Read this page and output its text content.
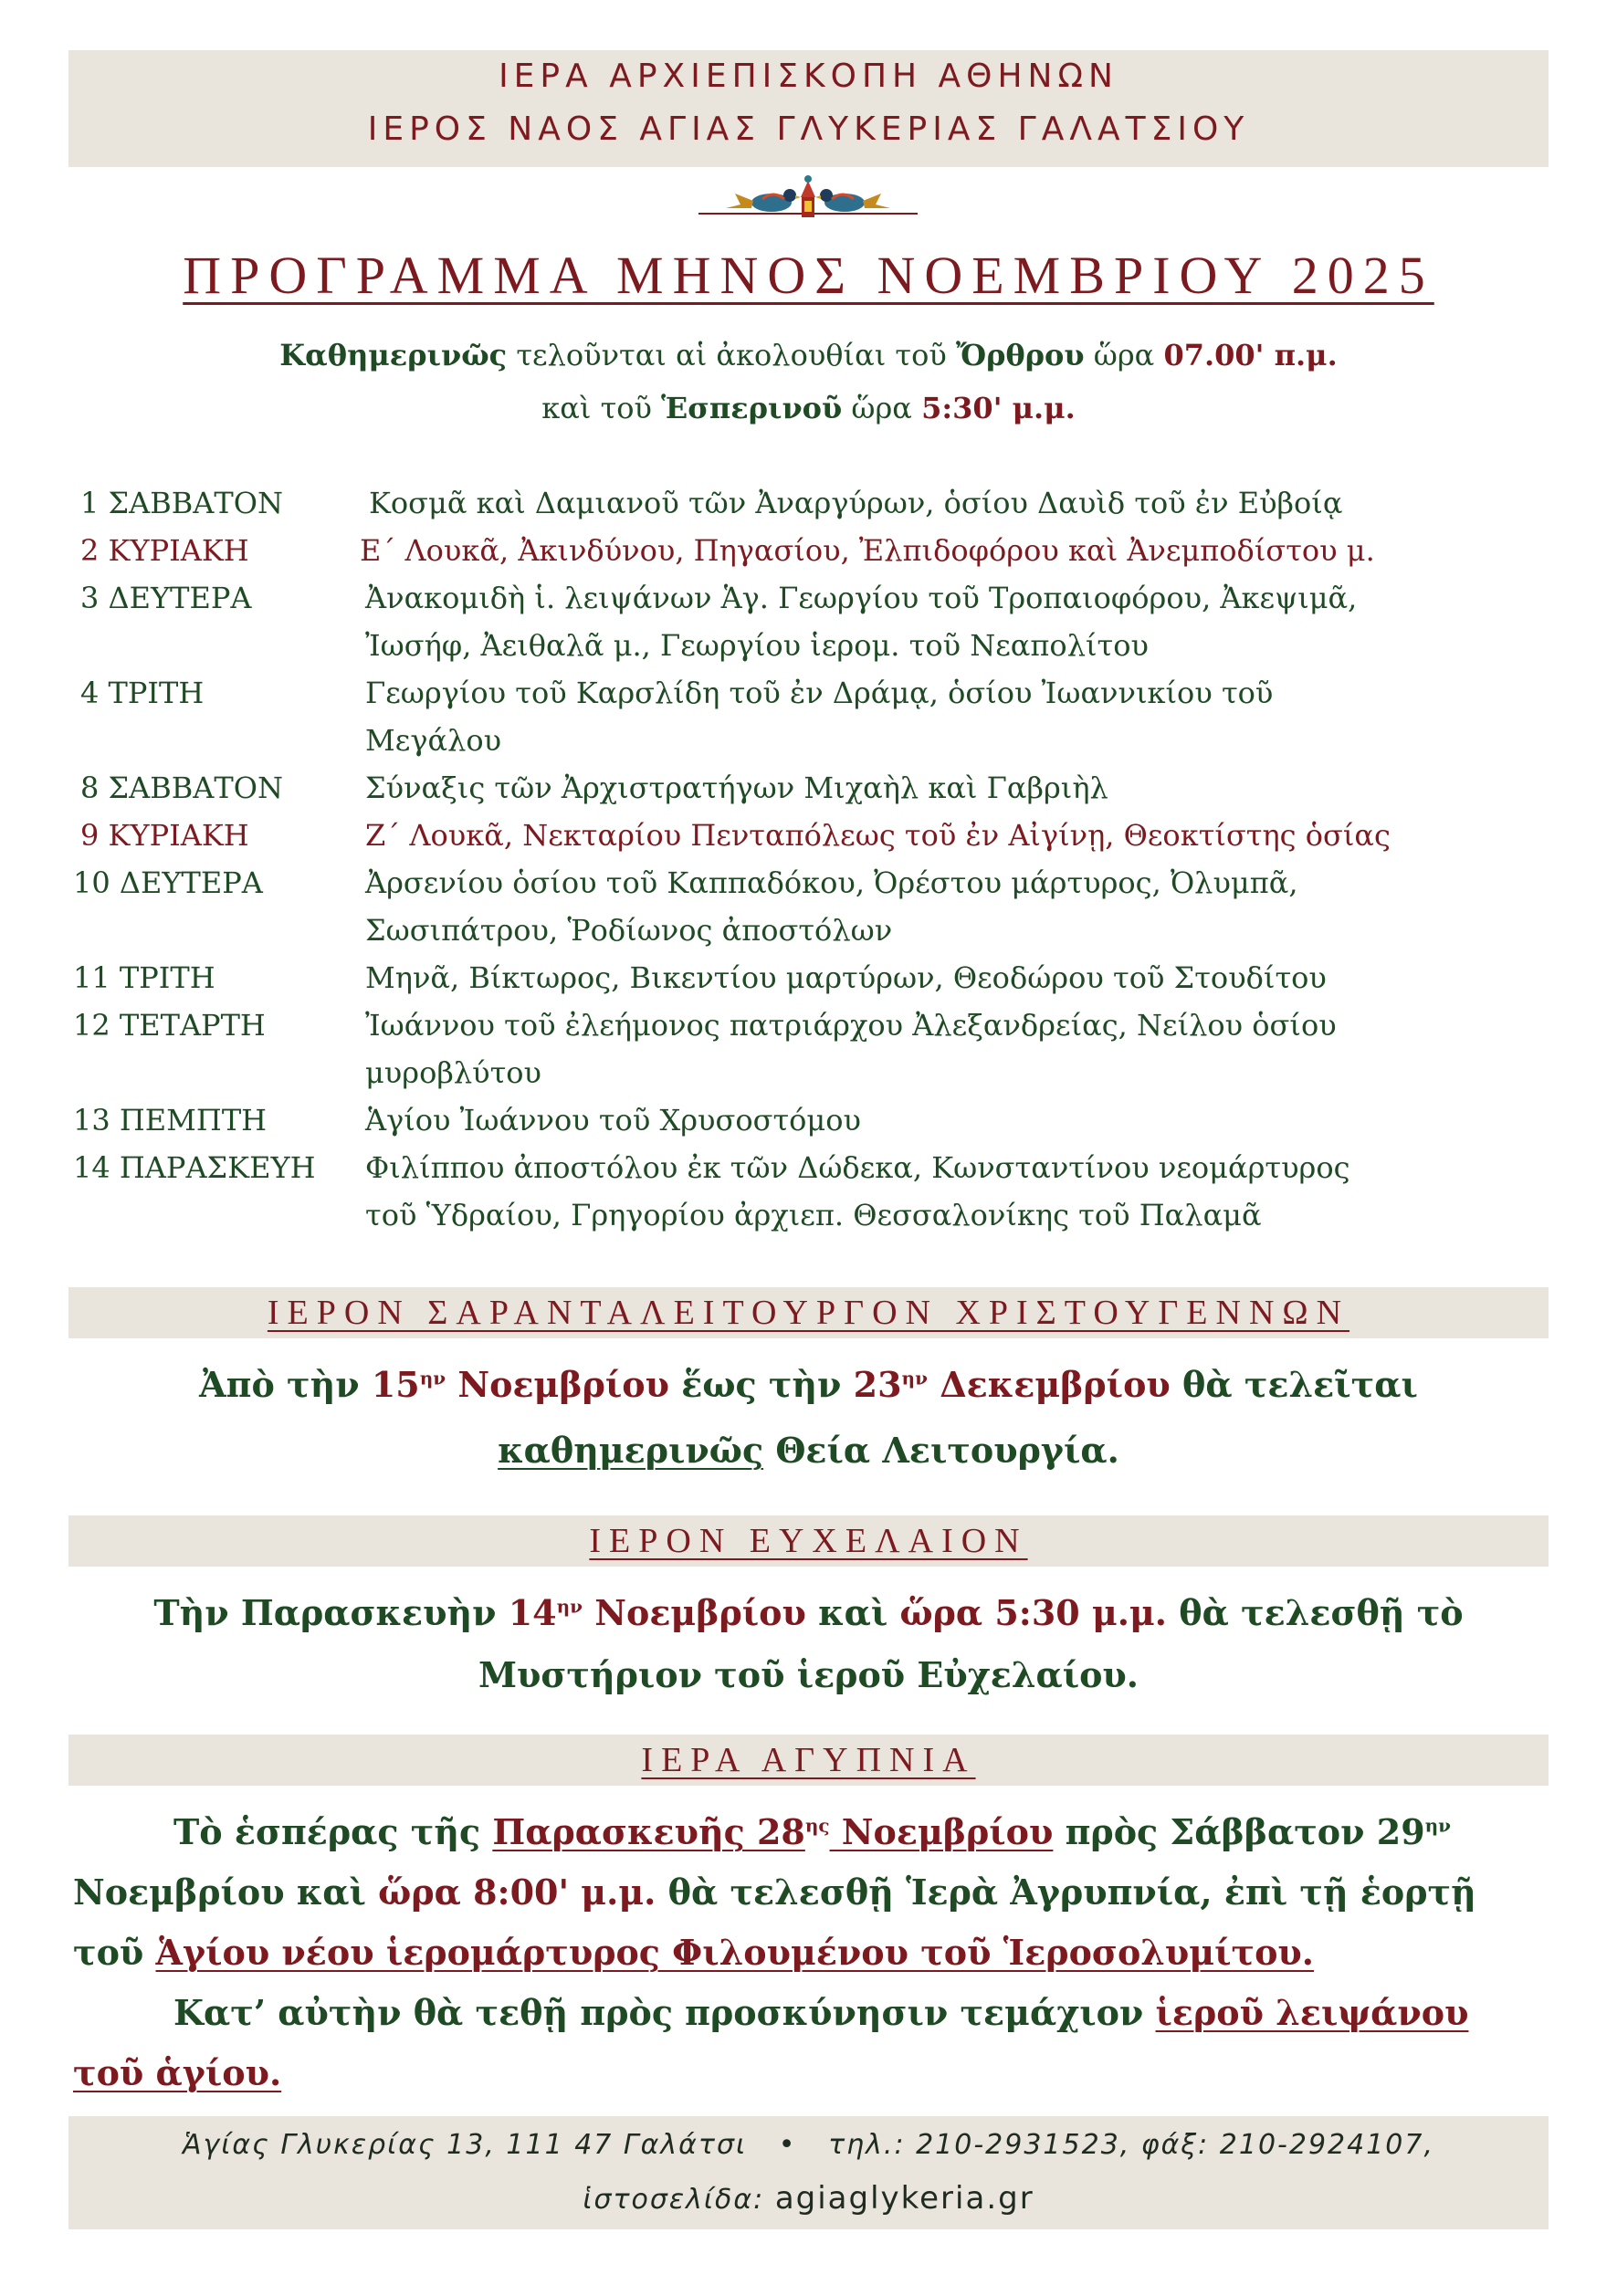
ΙΕΡΑ ΑΡΧΙΕΠΙΣΚΟΠΗ ΑΘΗΝΩΝ
ΙΕΡΟΣ ΝΑΟΣ ΑΓΙΑΣ ΓΛΥΚΕΡΙΑΣ ΓΑΛΑΤΣΙΟΥ
ΠΡΟΓΡΑΜΜΑ ΜΗΝΟΣ ΝΟΕΜΒΡΙΟΥ 2025
Καθημερινῶς τελοῦνται αἱ ἀκολουθίαι τοῦ Ὄρθρου ὥρα 07.00' π.μ.
καὶ τοῦ Ἑσπερινοῦ ὥρα 5:30' μ.μ.
1 ΣΑΒΒΑΤΟΝ	Κοσμᾶ καὶ Δαμιανοῦ τῶν Ἀναργύρων, ὁσίου Δαυὶδ τοῦ ἐν Εὐβοίᾳ
2 ΚΥΡΙΑΚΗ	Ε΄ Λουκᾶ, Ἀκινδύνου, Πηγασίου, Ἐλπιδοφόρου καὶ Ἀνεμποδίστου μ.
3 ΔΕΥΤΕΡΑ	Ἀνακομιδὴ ἱ. λειψάνων Ἁγ. Γεωργίου τοῦ Τροπαιοφόρου, Ἀκεψιμᾶ,
Ἰωσήφ, Ἀειθαλᾶ μ., Γεωργίου ἱερομ. τοῦ Νεαπολίτου
4 ΤΡΙΤΗ	Γεωργίου τοῦ Καρσλίδη τοῦ ἐν Δράμᾳ, ὁσίου Ἰωαννικίου τοῦ
Μεγάλου
8 ΣΑΒΒΑΤΟΝ	Σύναξις τῶν Ἀρχιστρατήγων Μιχαὴλ καὶ Γαβριὴλ
9 ΚΥΡΙΑΚΗ	Ζ΄ Λουκᾶ, Νεκταρίου Πενταπόλεως τοῦ ἐν Αἰγίνῃ, Θεοκτίστης ὁσίας
10 ΔΕΥΤΕΡΑ	Ἀρσενίου ὁσίου τοῦ Καππαδόκου, Ὀρέστου μάρτυρος, Ὀλυμπᾶ,
Σωσιπάτρου, Ῥοδίωνος ἀποστόλων
11 ΤΡΙΤΗ	Μηνᾶ, Βίκτωρος, Βικεντίου μαρτύρων, Θεοδώρου τοῦ Στουδίτου
12 ΤΕΤΑΡΤΗ	Ἰωάννου τοῦ ἐλεήμονος πατριάρχου Ἀλεξανδρείας, Νείλου ὁσίου
μυροβλύτου
13 ΠΕΜΠΤΗ	Ἁγίου Ἰωάννου τοῦ Χρυσοστόμου
14 ΠΑΡΑΣΚΕΥΗ Φιλίππου ἀποστόλου ἐκ τῶν Δώδεκα, Κωνσταντίνου νεομάρτυρος
τοῦ Ὑδραίου, Γρηγορίου ἀρχιεπ. Θεσσαλονίκης τοῦ Παλαμᾶ
ΙΕΡΟΝ ΣΑΡΑΝΤΑΛΕΙΤΟΥΡΓΟΝ ΧΡΙΣΤΟΥΓΕΝΝΩΝ
Ἀπὸ τὴν $15^{\eta\nu}$ Νοεμβρίου ἕως τὴν $23^{\eta\nu}$ Δεκεμβρίου θὰ τελεῖται
καθημερινῶς Θεία Λειτουργία.
ΙΕΡΟΝ ΕΥΧΕΛΑΙΟΝ
Τὴν Παρασκευὴν $14^{\eta\nu}$ Νοεμβρίου καὶ ὥρα 5:30 μ.μ. θὰ τελεσθῇ τὸ
Μυστήριον τοῦ ἱεροῦ Εὐχελαίου.
ΙΕΡΑ ΑΓΥΠΝΙΑ
Τὸ ἑσπέρας τῆς Παρασκευῆς $28^{\eta\varsigma}$ Νοεμβρίου πρὸς Σάββατον $29^{\eta\nu}$
Νοεμβρίου καὶ ὥρα 8:00' μ.μ. θὰ τελεσθῇ Ἱερὰ Ἀγρυπνία, ἐπὶ τῇ ἑορτῇ
τοῦ Ἁγίου νέου ἱερομάρτυρος Φιλουμένου τοῦ Ἱεροσολυμίτου.
Κατ’ αὐτὴν θὰ τεθῇ πρὸς προσκύνησιν τεμάχιον ἱεροῦ λειψάνου
τοῦ ἁγίου.
Ἁγίας Γλυκερίας 13, 111 47 Γαλάτσι • τηλ.: 210-2931523, φάξ: 210-2924107,
ἱστοσελίδα: agiaglykeria.gr
